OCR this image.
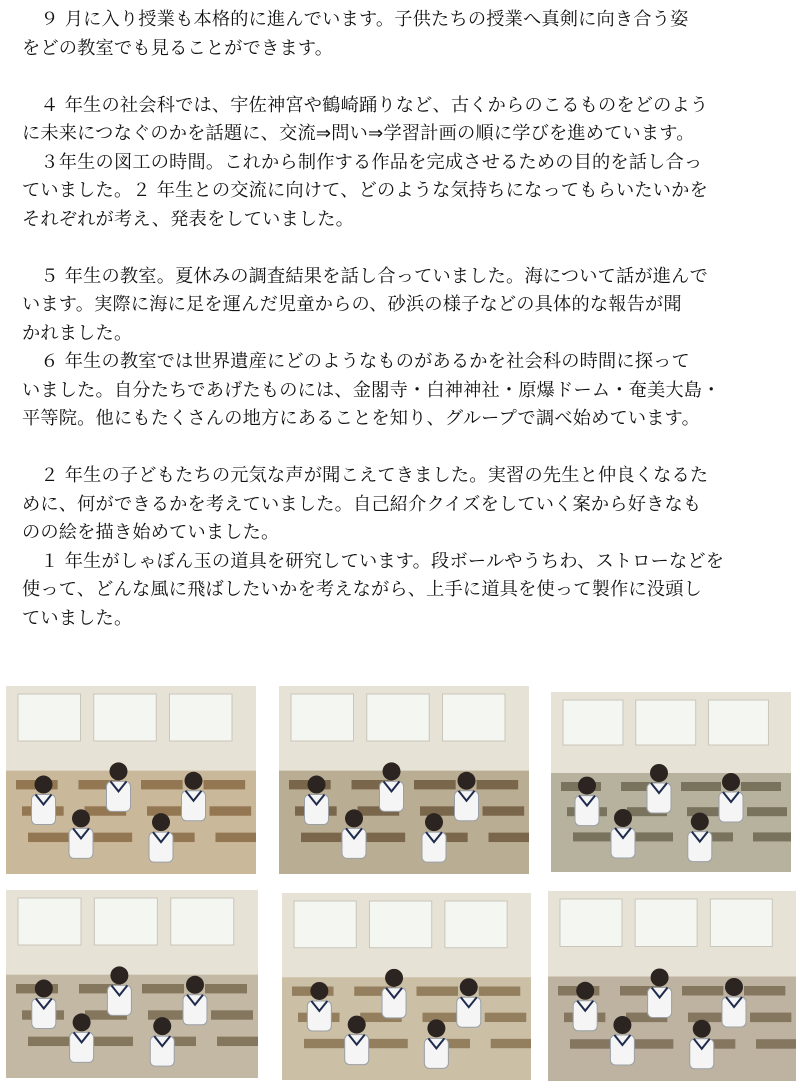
　９ 月に入り授業も本格的に進んでいます。子供たちの授業へ真剣に向き合う姿
をどの教室でも見ることができます。
　４ 年生の社会科では、宇佐神宮や鶴崎踊りなど、古くからのこるものをどのよう
に未来につなぐのかを話題に、交流⇒問い⇒学習計画の順に学びを進めています。
　３年生の図工の時間。これから制作する作品を完成させるための目的を話し合っ
ていました。２ 年生との交流に向けて、どのような気持ちになってもらいたいかを
それぞれが考え、発表をしていました。
　５ 年生の教室。夏休みの調査結果を話し合っていました。海について話が進んで
います。実際に海に足を運んだ児童からの、砂浜の様子などの具体的な報告が聞
かれました。
　６ 年生の教室では世界遺産にどのようなものがあるかを社会科の時間に探って
いました。自分たちであげたものには、金閣寺・白神神社・原爆ドーム・奄美大島・
平等院。他にもたくさんの地方にあることを知り、グループで調べ始めています。
　２ 年生の子どもたちの元気な声が聞こえてきました。実習の先生と仲良くなるた
めに、何ができるかを考えていました。自己紹介クイズをしていく案から好きなも
のの絵を描き始めていました。
　１ 年生がしゃぼん玉の道具を研究しています。段ボールやうちわ、ストローなどを
使って、どんな風に飛ばしたいかを考えながら、上手に道具を使って製作に没頭し
ていました。
